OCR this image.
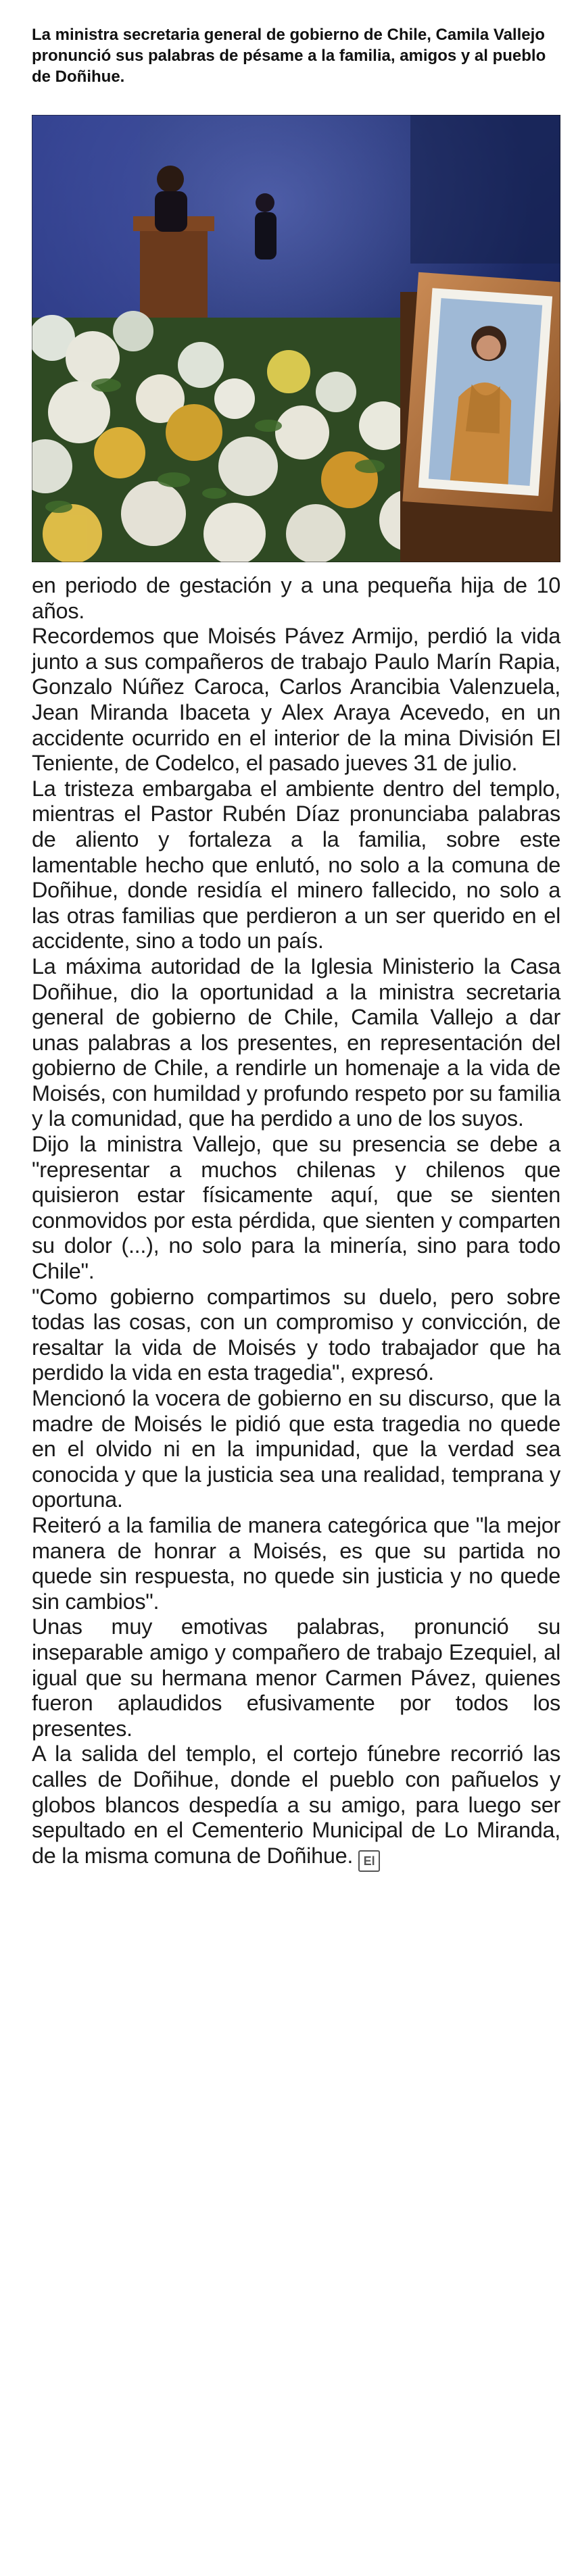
La ministra secretaria general de gobierno de Chile, Camila Vallejo pronunció sus palabras de pésame a la familia, amigos y al pueblo de Doñihue.

en periodo de gestación y a una pequeña hija de 10 años.

Recordemos que Moisés Pávez Armijo, perdió la vida junto a sus compañeros de trabajo Paulo Marín Rapia, Gonzalo Núñez Caroca, Carlos Arancibia Valenzuela, Jean Miranda Ibaceta y Alex Araya Acevedo, en un accidente ocurrido en el interior de la mina División El Teniente, de Codelco, el pasado jueves 31 de julio.

La tristeza embargaba el ambiente dentro del templo, mientras el Pastor Rubén Díaz pronunciaba palabras de aliento y fortaleza a la familia, sobre este lamentable hecho que enlutó, no solo a la comuna de Doñihue, donde residía el minero fallecido, no solo a las otras familias que perdieron a un ser querido en el accidente, sino a todo un país.

La máxima autoridad de la Iglesia Ministerio la Casa Doñihue, dio la oportunidad a la ministra secretaria general de gobierno de Chile, Camila Vallejo a dar unas palabras a los presentes, en representación del gobierno de Chile, a rendirle un homenaje a la vida de Moisés, con humildad y profundo respeto por su familia y la comunidad, que ha perdido a uno de los suyos.

Dijo la ministra Vallejo, que su presencia se debe a "representar a muchos chilenas y chilenos que quisieron estar físicamente aquí, que se sienten conmovidos por esta pérdida, que sienten y comparten su dolor (...), no solo para la minería, sino para todo Chile".

"Como gobierno compartimos su duelo, pero sobre todas las cosas, con un compromiso y convicción, de resaltar la vida de Moisés y todo trabajador que ha perdido la vida en esta tragedia", expresó.

Mencionó la vocera de gobierno en su discurso, que la madre de Moisés le pidió que esta tragedia no quede en el olvido ni en la impunidad, que la verdad sea conocida y que la justicia sea una realidad, temprana y oportuna.

Reiteró a la familia de manera categórica que "la mejor manera de honrar a Moisés, es que su partida no quede sin respuesta, no quede sin justicia y no quede sin cambios".

Unas muy emotivas palabras, pronunció su inseparable amigo y compañero de trabajo Ezequiel, al igual que su hermana menor Carmen Pávez, quienes fueron aplaudidos efusivamente por todos los presentes.

A la salida del templo, el cortejo fúnebre recorrió las calles de Doñihue, donde el pueblo con pañuelos y globos blancos despedía a su amigo, para luego ser sepultado en el Cementerio Municipal de Lo Miranda, de la misma comuna de Doñihue. El
